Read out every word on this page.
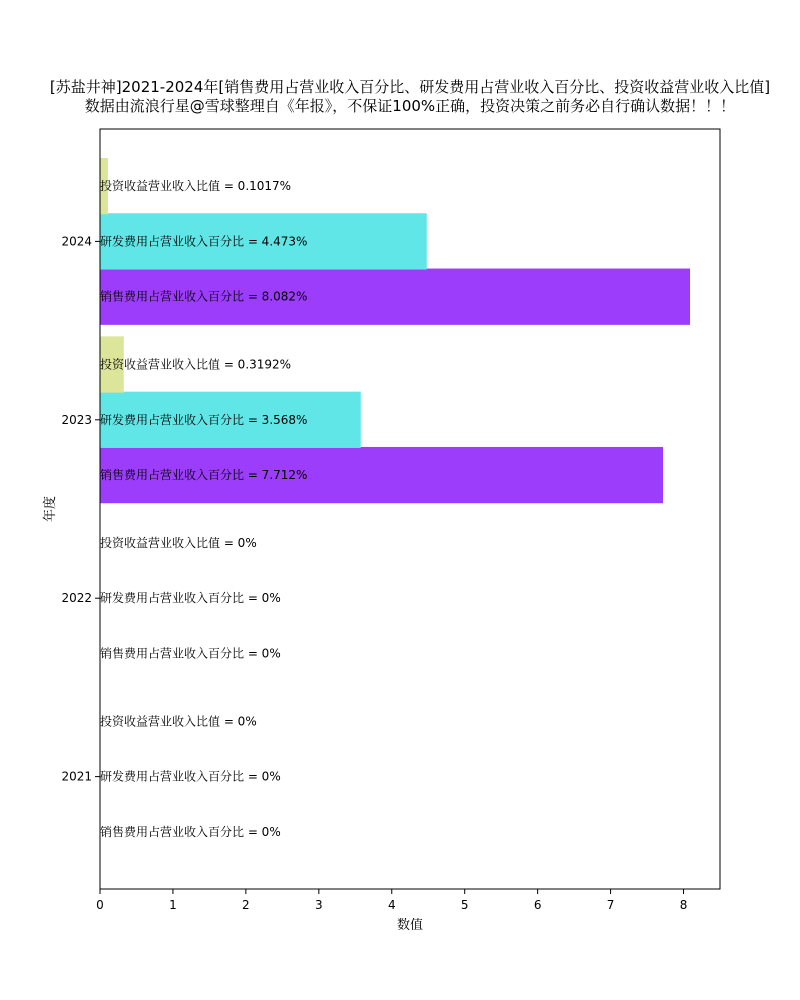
[苏盐井神]2021-2024年[销售费用占营业收入百分比、研发费用占营业收入百分比、投资收益营业收入比值]
数据由流浪行星@雪球整理自《年报》，不保证100%正确，投资决策之前务必自行确认数据！！！
销售费用占营业收入百分比 = 0%
销售费用占营业收入百分比 = 0%
销售费用占营业收入百分比 = 7.712%
销售费用占营业收入百分比 = 8.082%
研发费用占营业收入百分比 = 0%
研发费用占营业收入百分比 = 0%
研发费用占营业收入百分比 = 3.568%
研发费用占营业收入百分比 = 4.473%
投资收益营业收入比值 = 0%
投资收益营业收入比值 = 0%
投资收益营业收入比值 = 0.3192%
投资收益营业收入比值 = 0.1017%
0	1	2	3	4	5	6	7	8
2021
2022
2023
2024
数值
年度
